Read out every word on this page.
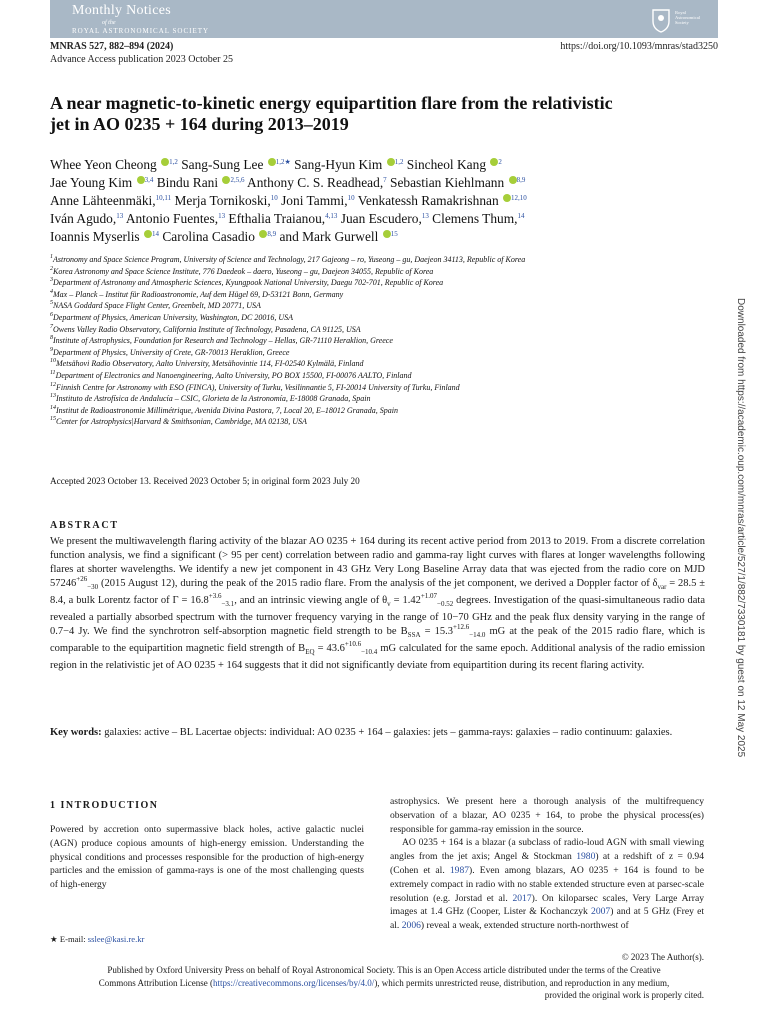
Monthly Notices
of the
ROYAL ASTRONOMICAL SOCIETY
Royal Astronomical Society
MNRAS 527, 882–894 (2024)
Advance Access publication 2023 October 25
https://doi.org/10.1093/mnras/stad3250
A near magnetic-to-kinetic energy equipartition flare from the relativistic
jet in AO 0235 + 164 during 2013–2019
Whee Yeon Cheong $^{1,2}$ Sang-Sung Lee $^{1,2★}$ Sang-Hyun Kim $^{1,2}$ Sincheol Kang $^2$
Jae Young Kim $^{3,4}$ Bindu Rani $^{2,5,6}$ Anthony C. S. Readhead,$^7$ Sebastian Kiehlmann $^{8,9}$
Anne Lähteenmäki,$^{10,11}$ Merja Tornikoski,$^{10}$ Joni Tammi,$^{10}$ Venkatessh Ramakrishnan $^{12,10}$
Iván Agudo,$^{13}$ Antonio Fuentes,$^{13}$ Efthalia Traianou,$^{4,13}$ Juan Escudero,$^{13}$ Clemens Thum,$^{14}$
Ioannis Myserlis $^{14}$ Carolina Casadio $^{8,9}$ and Mark Gurwell $^{15}$
$^1$Astronomy and Space Science Program, University of Science and Technology, 217 Gajeong – ro, Yuseong – gu, Daejeon 34113, Republic of Korea
$^2$Korea Astronomy and Space Science Institute, 776 Daedeok – daero, Yuseong – gu, Daejeon 34055, Republic of Korea
$^3$Department of Astronomy and Atmospheric Sciences, Kyungpook National University, Daegu 702-701, Republic of Korea
$^4$Max – Planck – Institut für Radioastronomie, Auf dem Hügel 69, D-53121 Bonn, Germany
$^5$NASA Goddard Space Flight Center, Greenbelt, MD 20771, USA
$^6$Department of Physics, American University, Washington, DC 20016, USA
$^7$Owens Valley Radio Observatory, California Institute of Technology, Pasadena, CA 91125, USA
$^8$Institute of Astrophysics, Foundation for Research and Technology – Hellas, GR-71110 Heraklion, Greece
$^9$Department of Physics, University of Crete, GR-70013 Heraklion, Greece
$^{10}$Metsähovi Radio Observatory, Aalto University, Metsähovintie 114, FI-02540 Kylmälä, Finland
$^{11}$Department of Electronics and Nanoengineering, Aalto University, PO BOX 15500, FI-00076 AALTO, Finland
$^{12}$Finnish Centre for Astronomy with ESO (FINCA), University of Turku, Vesilinnantie 5, FI-20014 University of Turku, Finland
$^{13}$Instituto de Astrofísica de Andalucía – CSIC, Glorieta de la Astronomía, E-18008 Granada, Spain
$^{14}$Institut de Radioastronomie Millimétrique, Avenida Divina Pastora, 7, Local 20, E–18012 Granada, Spain
$^{15}$Center for Astrophysics|Harvard & Smithsonian, Cambridge, MA 02138, USA
Accepted 2023 October 13. Received 2023 October 5; in original form 2023 July 20
ABSTRACT
We present the multiwavelength flaring activity of the blazar AO 0235 + 164 during its recent active period from 2013 to 2019. From a discrete correlation function analysis, we find a significant (> 95 per cent) correlation between radio and gamma-ray light curves with flares at longer wavelengths following flares at shorter wavelengths. We identify a new jet component in 43 GHz Very Long Baseline Array data that was ejected from the radio core on MJD $57246^{+26}_{-30}$ (2015 August 12), during the peak of the 2015 radio flare. From the analysis of the jet component, we derived a Doppler factor of $\delta_{var} = 28.5 \pm 8.4$, a bulk Lorentz factor of $\Gamma = 16.8^{+3.6}_{-3.1}$, and an intrinsic viewing angle of $\theta_v = 1.42^{+1.07}_{-0.52}$ degrees. Investigation of the quasi-simultaneous radio data revealed a partially absorbed spectrum with the turnover frequency varying in the range of 10−70 GHz and the peak flux density varying in the range of 0.7−4 Jy. We find the synchrotron self-absorption magnetic field strength to be $B_{SSA} = 15.3^{+12.6}_{-14.0}$ mG at the peak of the 2015 radio flare, which is comparable to the equipartition magnetic field strength of $B_{EQ} = 43.6^{+10.6}_{-10.4}$ mG calculated for the same epoch. Additional analysis of the radio emission region in the relativistic jet of AO 0235 + 164 suggests that it did not significantly deviate from equipartition during its recent flaring activity.
Key words: galaxies: active – BL Lacertae objects: individual: AO 0235 + 164 – galaxies: jets – gamma-rays: galaxies – radio continuum: galaxies.
1 INTRODUCTION
Powered by accretion onto supermassive black holes, active galactic nuclei (AGN) produce copious amounts of high-energy emission. Understanding the physical conditions and processes responsible for the production of high-energy particles and the emission of gamma-rays is one of the most challenging quests of high-energy
astrophysics. We present here a thorough analysis of the multifrequency observation of a blazar, AO 0235 + 164, to probe the physical process(es) responsible for gamma-ray emission in the source.
AO 0235 + 164 is a blazar (a subclass of radio-loud AGN with small viewing angles from the jet axis; Angel & Stockman 1980) at a redshift of z = 0.94 (Cohen et al. 1987). Even among blazars, AO 0235 + 164 is found to be extremely compact in radio with no stable extended structure even at parsec-scale resolution (e.g. Jorstad et al. 2017). On kiloparsec scales, Very Large Array images at 1.4 GHz (Cooper, Lister & Kochanczyk 2007) and at 5 GHz (Frey et al. 2006) reveal a weak, extended structure north-northwest of
★ E-mail: sslee@kasi.re.kr
© 2023 The Author(s).
Published by Oxford University Press on behalf of Royal Astronomical Society. This is an Open Access article distributed under the terms of the Creative
Commons Attribution License (https://creativecommons.org/licenses/by/4.0/), which permits unrestricted reuse, distribution, and reproduction in any medium,
provided the original work is properly cited.
Downloaded from https://academic.oup.com/mnras/article/527/1/882/7330181 by guest on 12 May 2025
